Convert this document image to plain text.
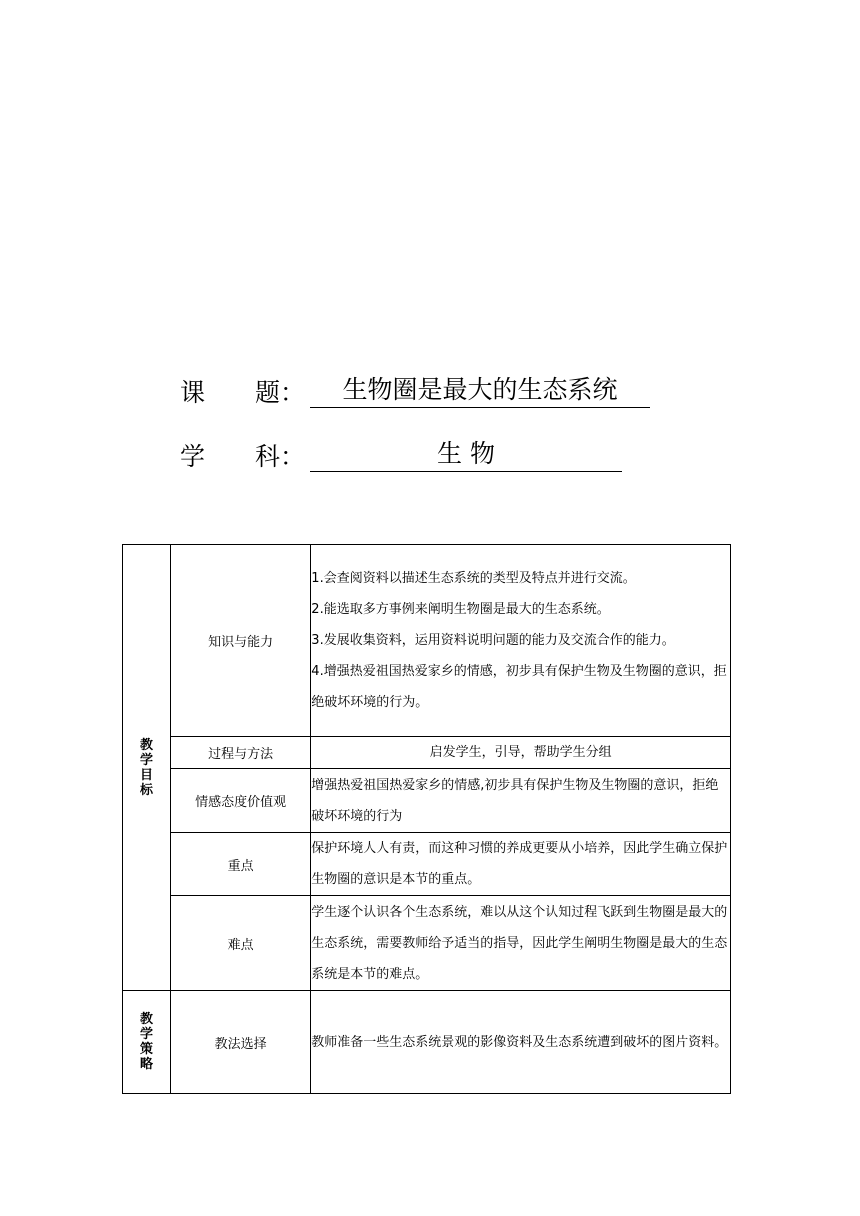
课　　题： 生物圈是最大的生态系统
学　　科：	生 物
教学目标	知识与能力	1.会查阅资料以描述生态系统的类型及特点并进行交流。

2.能选取多方事例来阐明生物圈是最大的生态系统。

3.发展收集资料，运用资料说明问题的能力及交流合作的能力。

4.增强热爱祖国热爱家乡的情感，初步具有保护生物及生物圈的意识，拒绝破坏环境的行为。

	过程与方法	启发学生，引导，帮助学生分组
	情感态度价值观	增强热爱祖国热爱家乡的情感,初步具有保护生物及生物圈的意识，拒绝破坏环境的行为
	重点	保护环境人人有责，而这种习惯的养成更要从小培养，因此学生确立保护生物圈的意识是本节的重点。
	难点	学生逐个认识各个生态系统，难以从这个认知过程飞跃到生物圈是最大的生态系统，需要教师给予适当的指导，因此学生阐明生物圈是最大的生态系统是本节的难点。
教学策略	教法选择	教师准备一些生态系统景观的影像资料及生态系统遭到破坏的图片资料。
